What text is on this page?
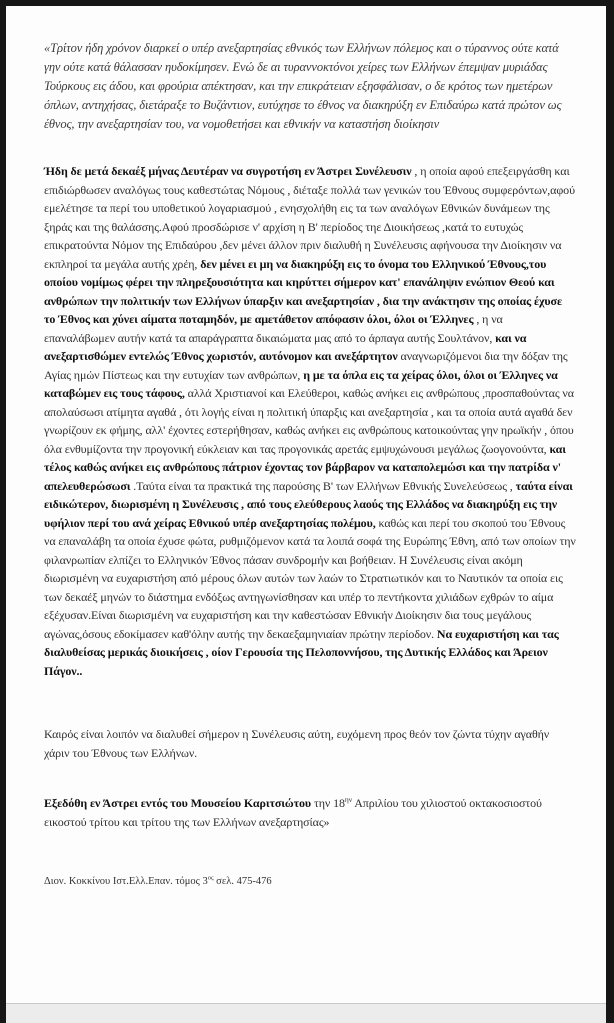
«Τρίτον ήδη χρόνον διαρκεί ο υπέρ ανεξαρτησίας εθνικός των Ελλήνων πόλεμος και ο τύραννος ούτε κατά γην ούτε κατά θάλασσαν ηυδοκίμησεν. Ενώ δε αι τυραννοκτόνοι χείρες των Ελλήνων έπεμψαν μυριάδας Τούρκους εις άδου, και φρούρια απέκτησαν, και την επικράτειαν εξησφάλισαν, ο δε κρότος των ημετέρων όπλων, αντηχήσας, διετάραξε το Βυζάντιον, ευτύχησε το έθνος να διακηρύξη εν Επιδαύρω κατά πρώτον ως έθνος, την ανεξαρτησίαν του, να νομοθετήσει και εθνικήν να καταστήση διοίκησιν
Ήδη δε μετά δεκαέξ μήνας Δευτέραν να συγροτήση εν Άστρει Συνέλευσιν , η οποία αφού επεξειργάσθη και επιδιώρθωσεν αναλόγως τους καθεστώτας Νόμους , διέταξε πολλά των γενικών του Έθνους συμφερόντων,αφού εμελέτησε τα περί του υποθετικού λογαριασμού , ενησχολήθη εις τα των αναλόγων Εθνικών δυνάμεων της ξηράς και της θαλάσσης.Αφού προσδώρισε ν' αρχίση η Β' περίοδος τηε Διοικήσεως ,κατά το ευτυχώς επικρατούντα Νόμον της Επιδαύρου ,δεν μένει άλλον πριν διαλυθή η Συνέλευσις αφήνουσα την Διοίκησιν να εκπληροί τα μεγάλα αυτής χρέη, δεν μένει ει μη να διακηρύξη εις το όνομα του Ελληνικού Έθνους,του οποίου νομίμως φέρει την πληρεξουσιότητα και κηρύττει σήμερον κατ' επανάληψιν ενώπιον Θεού και ανθρώπων την πολιτικήν των Ελλήνων ύπαρξιν και ανεξαρτησίαν , δια την ανάκτησιν της οποίας έχυσε το Έθνος και χύνει αίματα ποταμηδόν, με αμετάθετον απόφασιν όλοι, όλοι οι Έλληνες , η να επαναλάβωμεν αυτήν κατά τα απαράγραπτα δικαιώματα μας από το άρπαγα αυτής Σουλτάνον, και να ανεξαρτισθώμεν εντελώς Έθνος χωριστόν, αυτόνομον και ανεξάρτητον αναγνωριζόμενοι δια την δόξαν της Αγίας ημών Πίστεως και την ευτυχίαν των ανθρώπων, η με τα όπλα εις τα χείρας όλοι, όλοι οι Έλληνες να καταβώμεν εις τους τάφους, αλλά Χριστιανοί και Ελεύθεροι, καθώς ανήκει εις ανθρώπους ,προσπαθούντας να απολαύσωσι ατίμητα αγαθά , ότι λογής είναι η πολιτική ύπαρξις και ανεξαρτησία , και τα οποία αυτά αγαθά δεν γνωρίζουν εκ φήμης, αλλ' έχοντες εστερήθησαν, καθώς ανήκει εις ανθρώπους κατοικούντας γην ηρωϊκήν , όπου όλα ενθυμίζοντα την προγονική εύκλειαν και τας προγονικάς αρετάς εμψυχώνουσι μεγάλως ζωογονούντα, και τέλος καθώς ανήκει εις ανθρώπους πάτριον έχοντας τον βάρβαρον να καταπολεμώσι και την πατρίδα ν' απελευθερώσωσι .Ταύτα είναι τα πρακτικά της παρούσης Β' των Ελλήνων Εθνικής Συνελεύσεως , ταύτα είναι ειδικώτερον, διωρισμένη η Συνέλευσις , από τους ελεύθερους λαούς της Ελλάδος να διακηρύξη εις την υφήλιον περί του ανά χείρας Εθνικού υπέρ ανεξαρτησίας πολέμου, καθώς και περί του σκοπού του Έθνους να επαναλάβη τα οποία έχυσε φώτα, ρυθμιζόμενον κατά τα λοιπά σοφά της Ευρώπης Έθνη, από των οποίων την φιλανρωπίαν ελπίζει το Ελληνικόν Έθνος πάσαν συνδρομήν και βοήθειαν. Η Συνέλευσις είναι ακόμη διωρισμένη να ευχαριστήση από μέρους όλων αυτών των λαών το Στρατιωτικόν και το Ναυτικόν τα οποία εις των δεκαέξ μηνών το διάστημα ενδόξως αντηγωνίσθησαν και υπέρ το πεντήκοντα χιλιάδων εχθρών το αίμα εξέχυσαν.Είναι διωρισμένη να ευχαριστήση και την καθεστώσαν Εθνικήν Διοίκησιν δια τους μεγάλους αγώνας,όσους εδοκίμασεν καθ'όλην αυτής την δεκαεξαμηνιαίαν πρώτην περίοδον. Να ευχαριστήση και τας διαλυθείσας μερικάς διοικήσεις , οίον Γερουσία της Πελοποννήσου, της Δυτικής Ελλάδος και Άρειον Πάγον..
Καιρός είναι λοιπόν να διαλυθεί σήμερον η Συνέλευσις αύτη, ευχόμενη προς θεόν τον ζώντα τύχην αγαθήν χάριν του Έθνους των Ελλήνων.
Εξεδόθη εν Άστρει εντός του Μουσείου Καριτσιώτου την $18^{\eta\nu}$ Απριλίου του χιλιοστού οκτακοσιοστού εικοστού τρίτου και τρίτου της των Ελλήνων ανεξαρτησίας»
Διον. Κοκκίνου Ιστ.Ελλ.Επαν. τόμος $3^{o\varsigma}$ σελ. 475-476
